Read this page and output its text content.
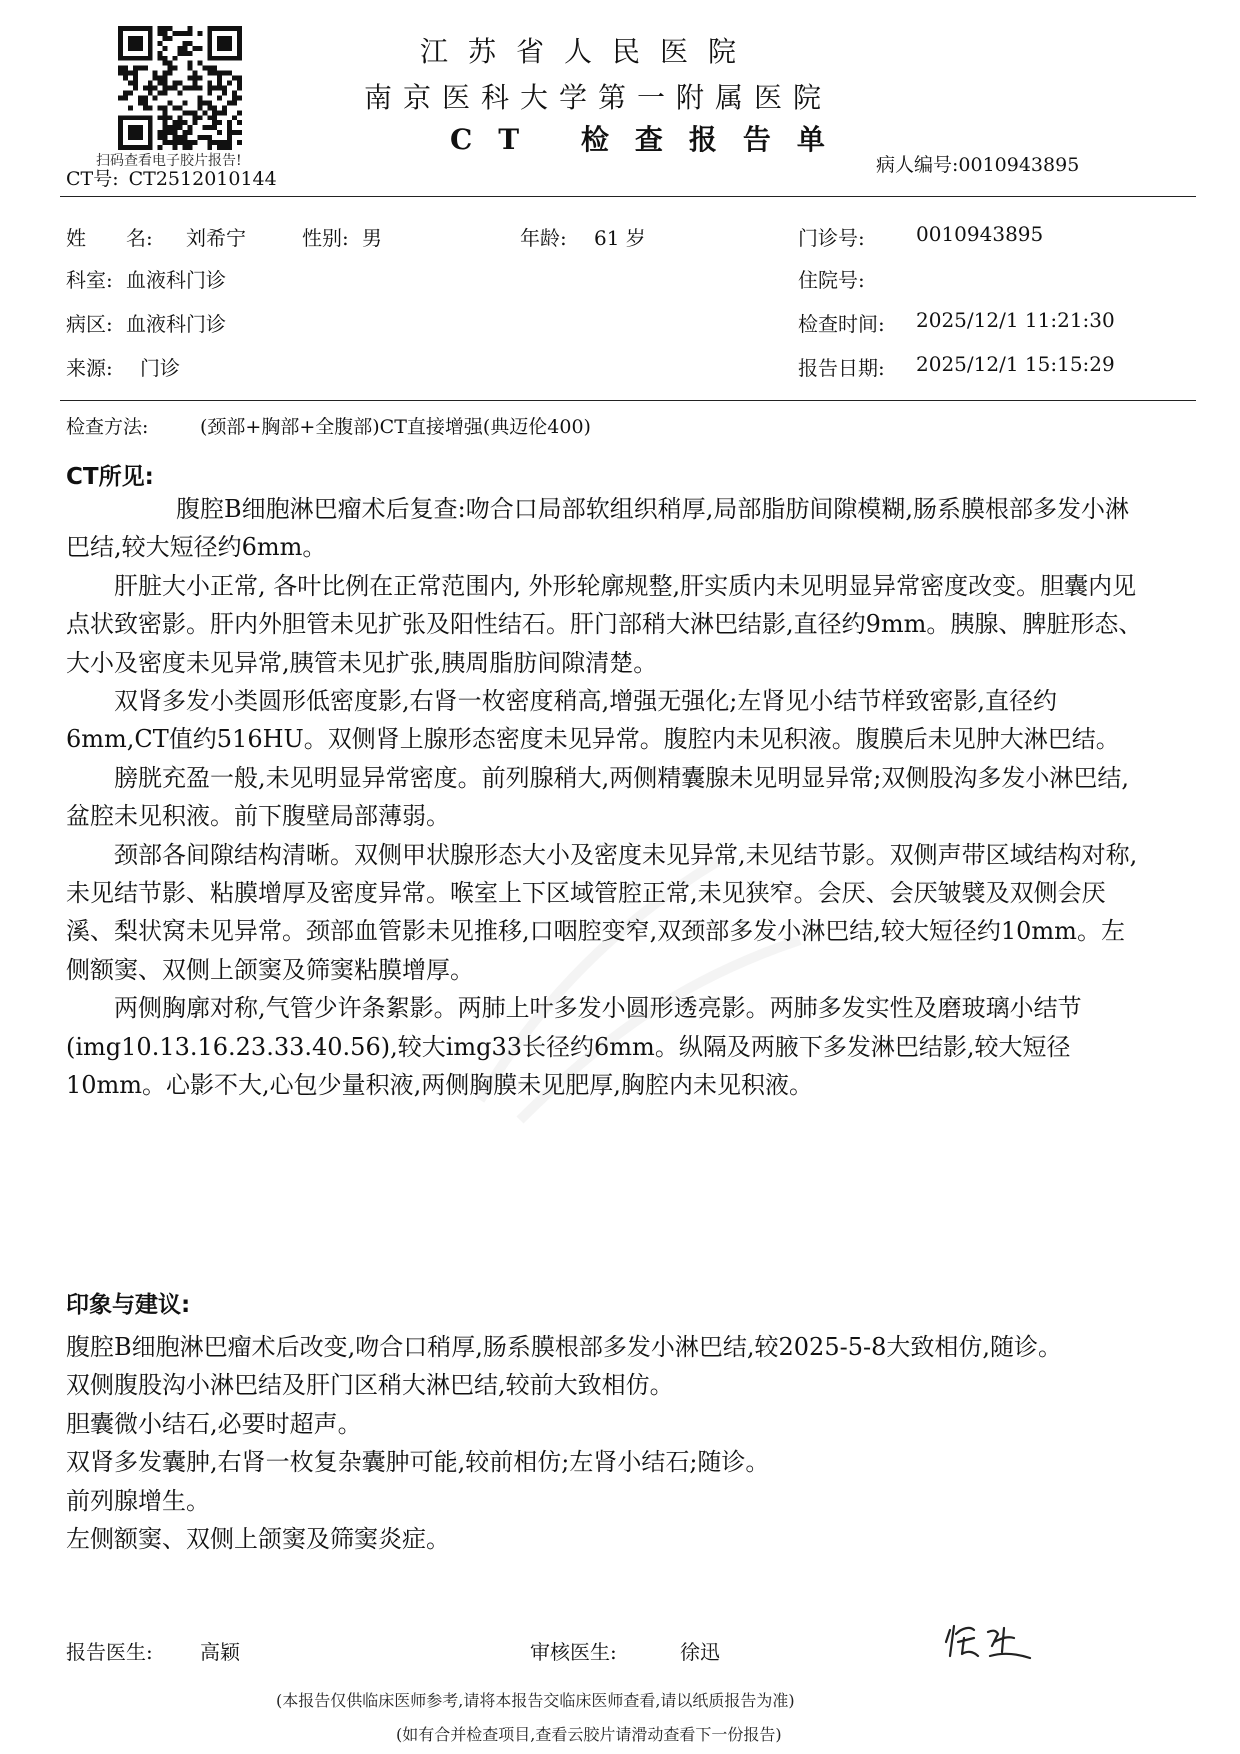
扫码查看电子胶片报告!
江苏省人民医院
南京医科大学第一附属医院
CT 检查报告单
CT号: CT2512010144
病人编号:0010943895
姓　　名: 刘希宁	性别: 男	年龄: 61 岁	门诊号:	0010943895
科室: 血液科门诊	住院号:
病区: 血液科门诊	检查时间: 2025/12/1 11:21:30
来源: 门诊	报告日期: 2025/12/1 15:15:29
检查方法:	(颈部+胸部+全腹部)CT直接增强(典迈伦400)
CT所见:

腹腔B细胞淋巴瘤术后复查:吻合口局部软组织稍厚,局部脂肪间隙模糊,肠系膜根部多发小淋巴结,较大短径约6mm。

肝脏大小正常, 各叶比例在正常范围内, 外形轮廓规整,肝实质内未见明显异常密度改变。胆囊内见点状致密影。肝内外胆管未见扩张及阳性结石。肝门部稍大淋巴结影,直径约9mm。胰腺、脾脏形态、大小及密度未见异常,胰管未见扩张,胰周脂肪间隙清楚。

双肾多发小类圆形低密度影,右肾一枚密度稍高,增强无强化;左肾见小结节样致密影,直径约6mm,CT值约516HU。双侧肾上腺形态密度未见异常。腹腔内未见积液。腹膜后未见肿大淋巴结。

膀胱充盈一般,未见明显异常密度。前列腺稍大,两侧精囊腺未见明显异常;双侧股沟多发小淋巴结,盆腔未见积液。前下腹壁局部薄弱。

颈部各间隙结构清晰。双侧甲状腺形态大小及密度未见异常,未见结节影。双侧声带区域结构对称,未见结节影、粘膜增厚及密度异常。喉室上下区域管腔正常,未见狭窄。会厌、会厌皱襞及双侧会厌溪、梨状窝未见异常。颈部血管影未见推移,口咽腔变窄,双颈部多发小淋巴结,较大短径约10mm。左侧额窦、双侧上颌窦及筛窦粘膜增厚。

两侧胸廓对称,气管少许条絮影。两肺上叶多发小圆形透亮影。两肺多发实性及磨玻璃小结节(img10.13.16.23.33.40.56),较大img33长径约6mm。纵隔及两腋下多发淋巴结影,较大短径10mm。心影不大,心包少量积液,两侧胸膜未见肥厚,胸腔内未见积液。

印象与建议:
腹腔B细胞淋巴瘤术后改变,吻合口稍厚,肠系膜根部多发小淋巴结,较2025-5-8大致相仿,随诊。
双侧腹股沟小淋巴结及肝门区稍大淋巴结,较前大致相仿。
胆囊微小结石,必要时超声。
双肾多发囊肿,右肾一枚复杂囊肿可能,较前相仿;左肾小结石;随诊。
前列腺增生。
左侧额窦、双侧上颌窦及筛窦炎症。
报告医生: 高颖	审核医生:	徐迅
(本报告仅供临床医师参考,请将本报告交临床医师查看,请以纸质报告为准)
(如有合并检查项目,查看云胶片请滑动查看下一份报告)
